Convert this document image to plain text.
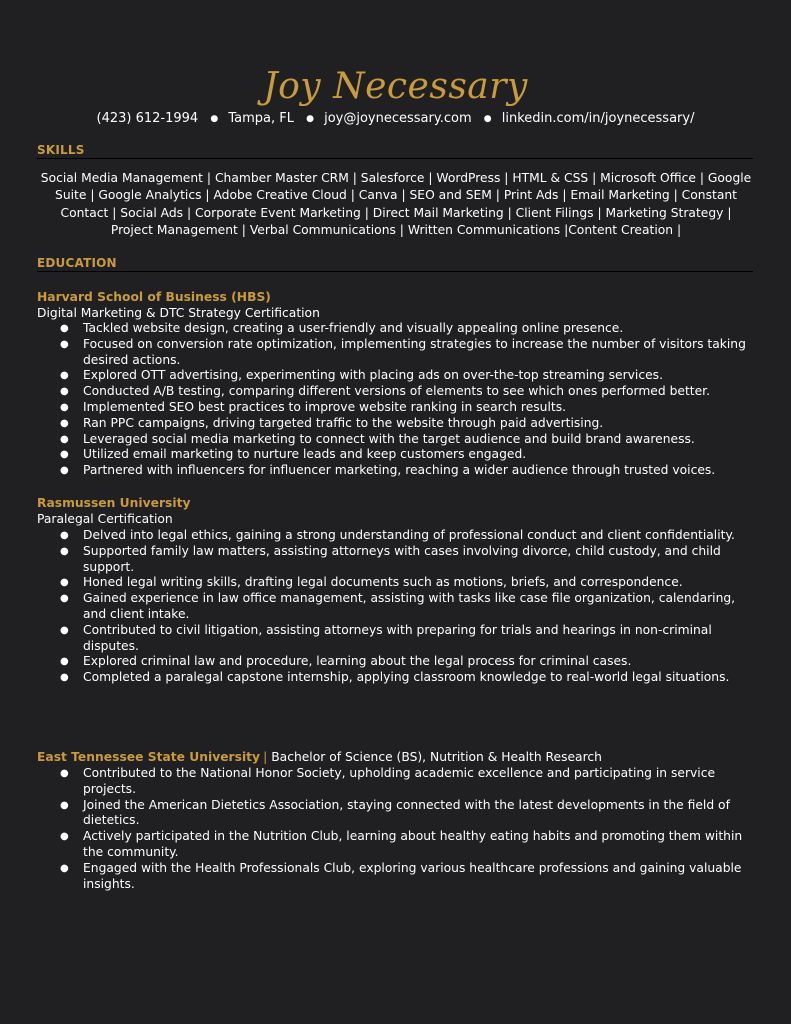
Joy Necessary
(423) 612-1994 ● Tampa, FL ● joy@joynecessary.com ● linkedin.com/in/joynecessary/
SKILLS
Social Media Management | Chamber Master CRM | Salesforce | WordPress | HTML & CSS | Microsoft Office | Google Suite | Google Analytics | Adobe Creative Cloud | Canva | SEO and SEM | Print Ads | Email Marketing | Constant Contact | Social Ads | Corporate Event Marketing | Direct Mail Marketing | Client Filings | Marketing Strategy | Project Management | Verbal Communications | Written Communications |Content Creation |
EDUCATION
Harvard School of Business (HBS)
Digital Marketing & DTC Strategy Certification
● Tackled website design, creating a user-friendly and visually appealing online presence.
● Focused on conversion rate optimization, implementing strategies to increase the number of visitors taking desired actions.
● Explored OTT advertising, experimenting with placing ads on over-the-top streaming services.
● Conducted A/B testing, comparing different versions of elements to see which ones performed better.
● Implemented SEO best practices to improve website ranking in search results.
● Ran PPC campaigns, driving targeted traffic to the website through paid advertising.
● Leveraged social media marketing to connect with the target audience and build brand awareness.
● Utilized email marketing to nurture leads and keep customers engaged.
● Partnered with influencers for influencer marketing, reaching a wider audience through trusted voices.
Rasmussen University
Paralegal Certification
● Delved into legal ethics, gaining a strong understanding of professional conduct and client confidentiality.
● Supported family law matters, assisting attorneys with cases involving divorce, child custody, and child support.
● Honed legal writing skills, drafting legal documents such as motions, briefs, and correspondence.
● Gained experience in law office management, assisting with tasks like case file organization, calendaring, and client intake.
● Contributed to civil litigation, assisting attorneys with preparing for trials and hearings in non-criminal disputes.
● Explored criminal law and procedure, learning about the legal process for criminal cases.
● Completed a paralegal capstone internship, applying classroom knowledge to real-world legal situations.
East Tennessee State University | Bachelor of Science (BS), Nutrition & Health Research
● Contributed to the National Honor Society, upholding academic excellence and participating in service projects.
● Joined the American Dietetics Association, staying connected with the latest developments in the field of dietetics.
● Actively participated in the Nutrition Club, learning about healthy eating habits and promoting them within the community.
● Engaged with the Health Professionals Club, exploring various healthcare professions and gaining valuable insights.
